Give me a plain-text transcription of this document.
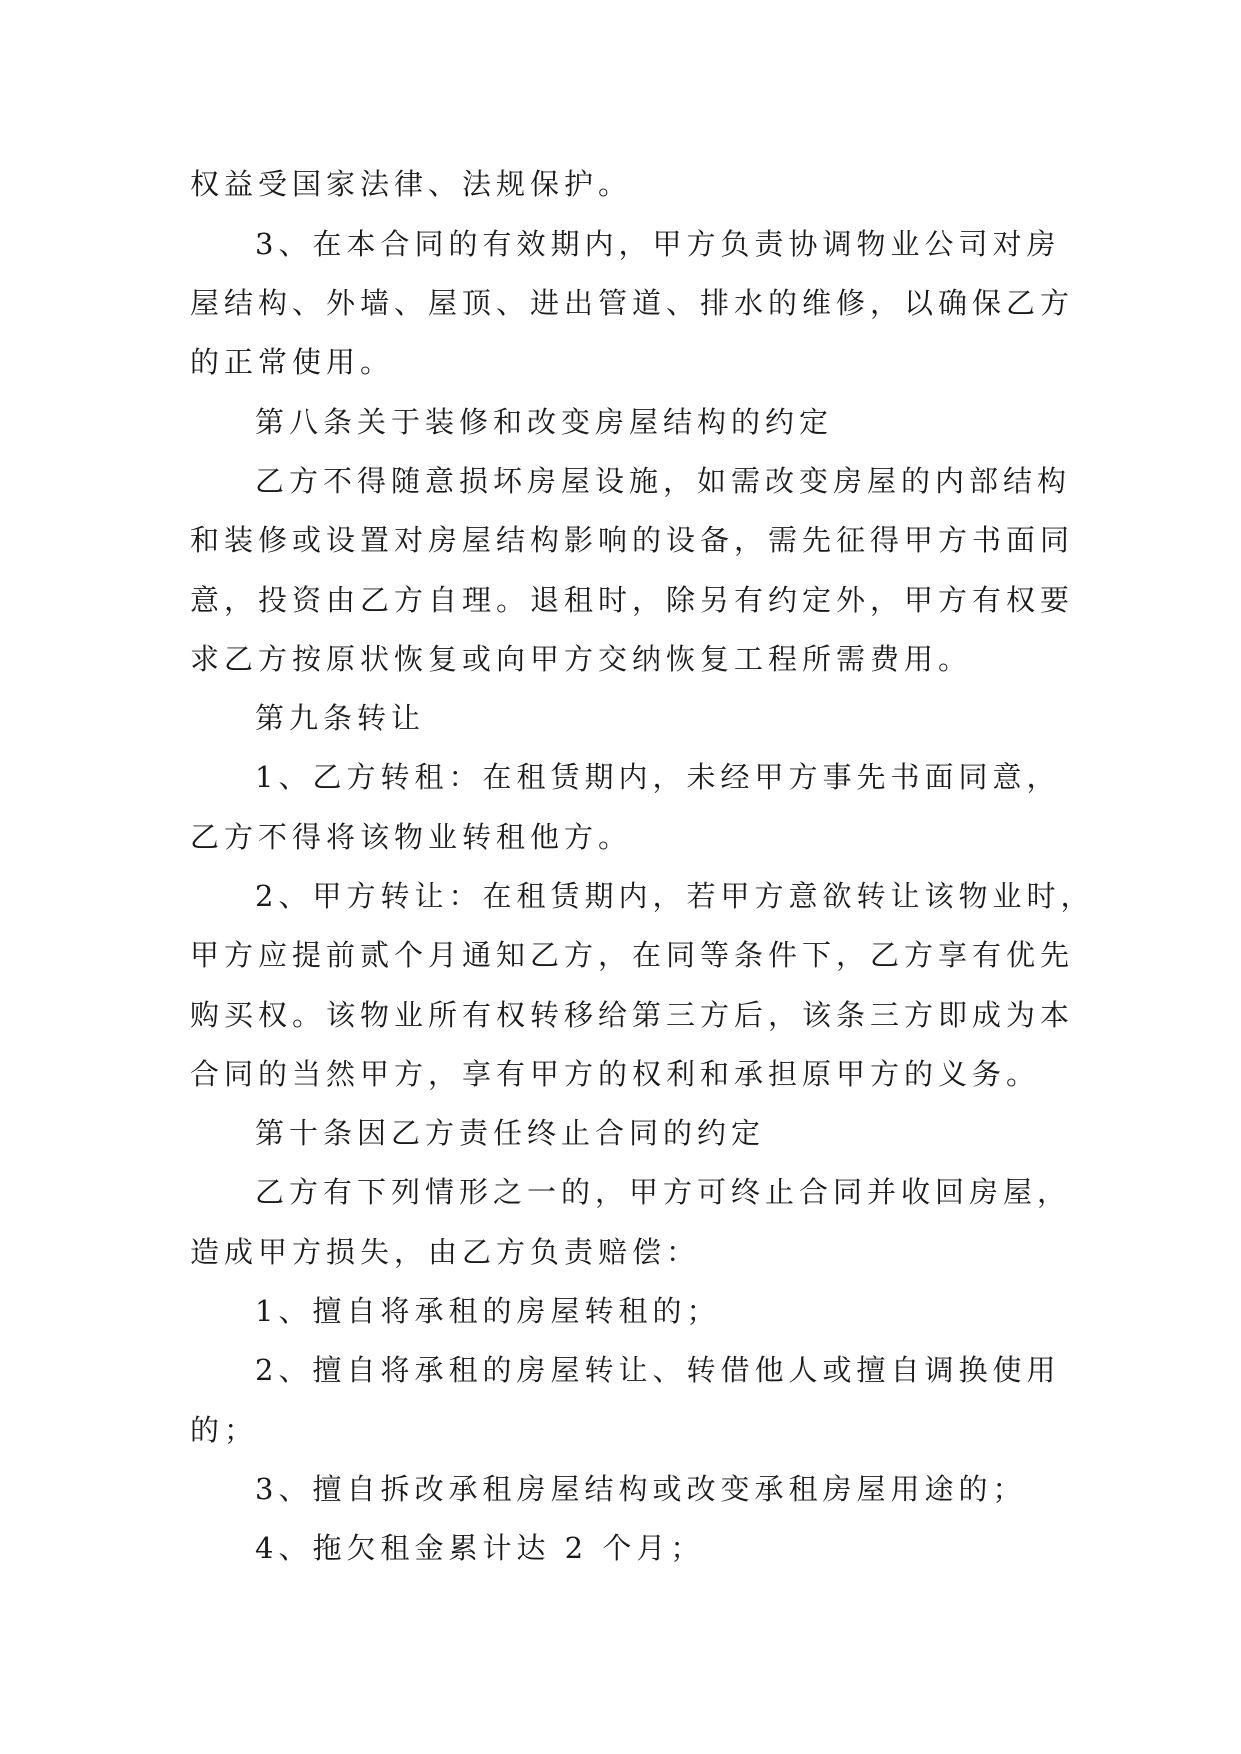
权益受国家法律、法规保护。
3、在本合同的有效期内，甲方负责协调物业公司对房
屋结构、外墙、屋顶、进出管道、排水的维修，以确保乙方
的正常使用。
第八条关于装修和改变房屋结构的约定
乙方不得随意损坏房屋设施，如需改变房屋的内部结构
和装修或设置对房屋结构影响的设备，需先征得甲方书面同
意，投资由乙方自理。退租时，除另有约定外，甲方有权要
求乙方按原状恢复或向甲方交纳恢复工程所需费用。
第九条转让
1、乙方转租：在租赁期内，未经甲方事先书面同意，
乙方不得将该物业转租他方。
2、甲方转让：在租赁期内，若甲方意欲转让该物业时，
甲方应提前贰个月通知乙方，在同等条件下，乙方享有优先
购买权。该物业所有权转移给第三方后，该条三方即成为本
合同的当然甲方，享有甲方的权利和承担原甲方的义务。
第十条因乙方责任终止合同的约定
乙方有下列情形之一的，甲方可终止合同并收回房屋，
造成甲方损失，由乙方负责赔偿：
1、擅自将承租的房屋转租的；
2、擅自将承租的房屋转让、转借他人或擅自调换使用
的；
3、擅自拆改承租房屋结构或改变承租房屋用途的；
4、拖欠租金累计达 2 个月；
